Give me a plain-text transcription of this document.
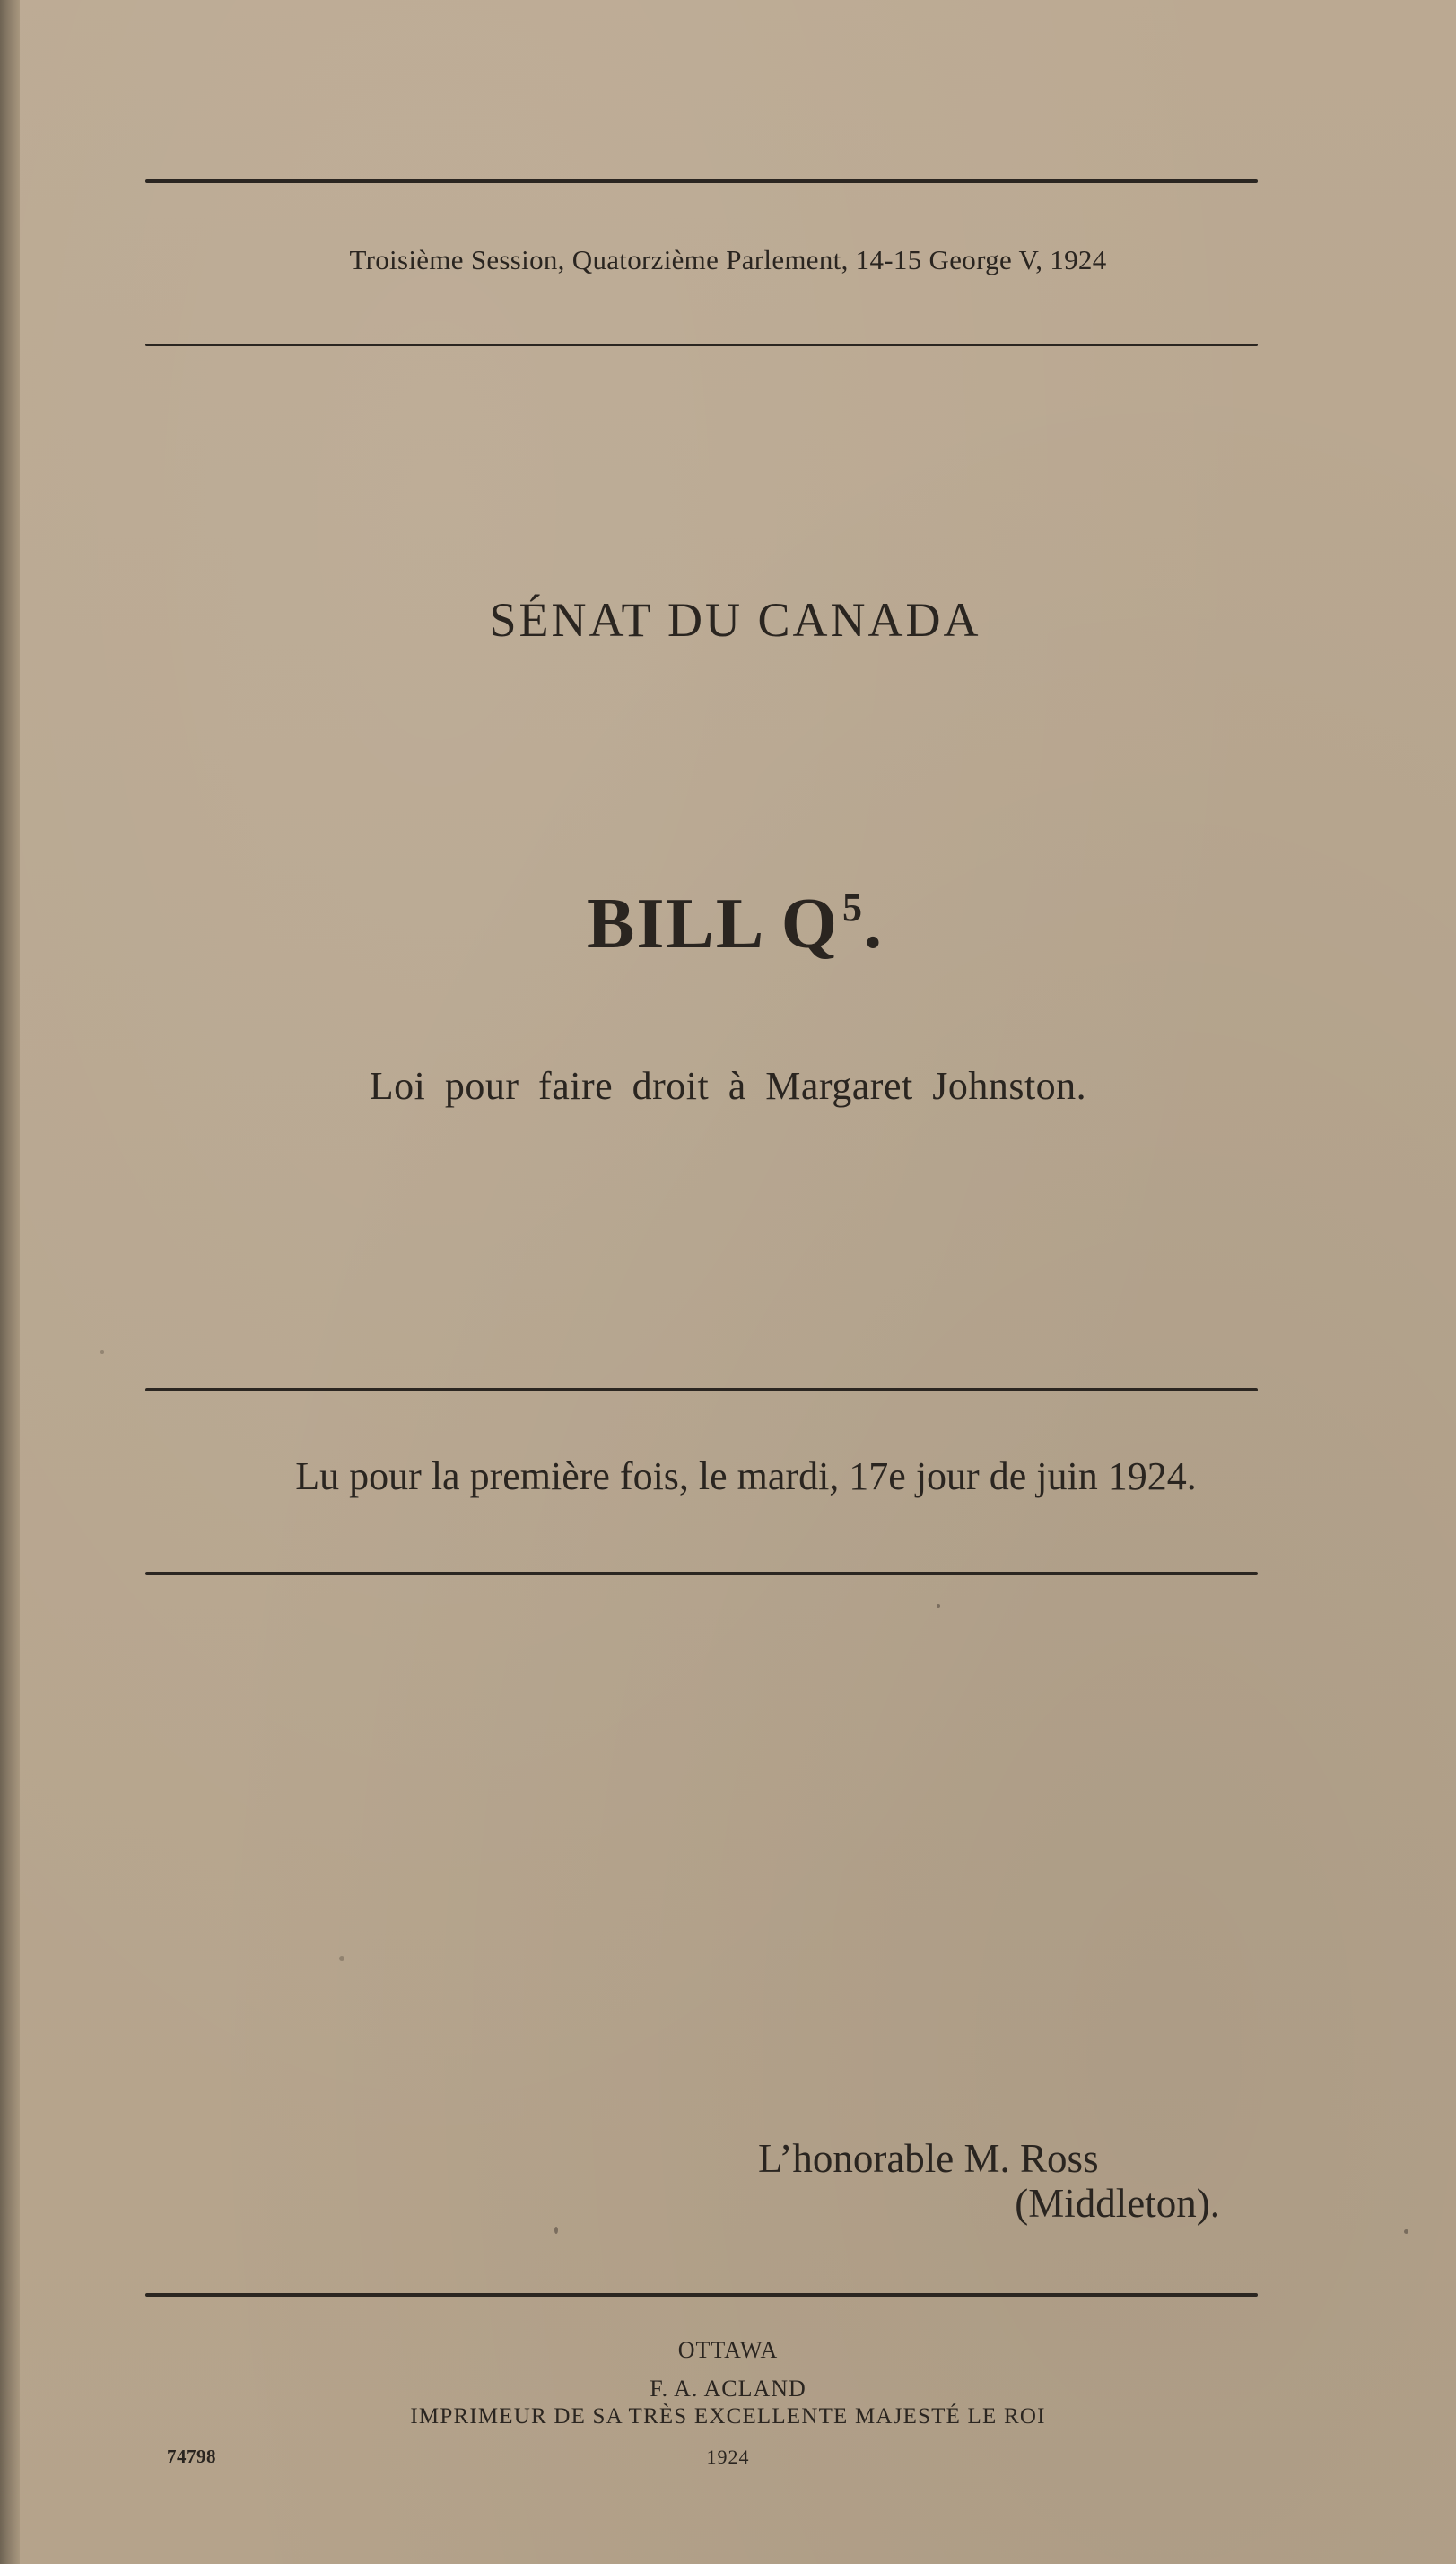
Troisième Session, Quatorzième Parlement, 14-15 George V, 1924
SÉNAT DU CANADA
BILL $Q^5$.
Loi pour faire droit à Margaret Johnston.
Lu pour la première fois, le mardi, 17e jour de juin 1924.
L’honorable M. Ross
(Middleton).
OTTAWA
F. A. ACLAND
IMPRIMEUR DE SA TRÈS EXCELLENTE MAJESTÉ LE ROI
74798	1924
